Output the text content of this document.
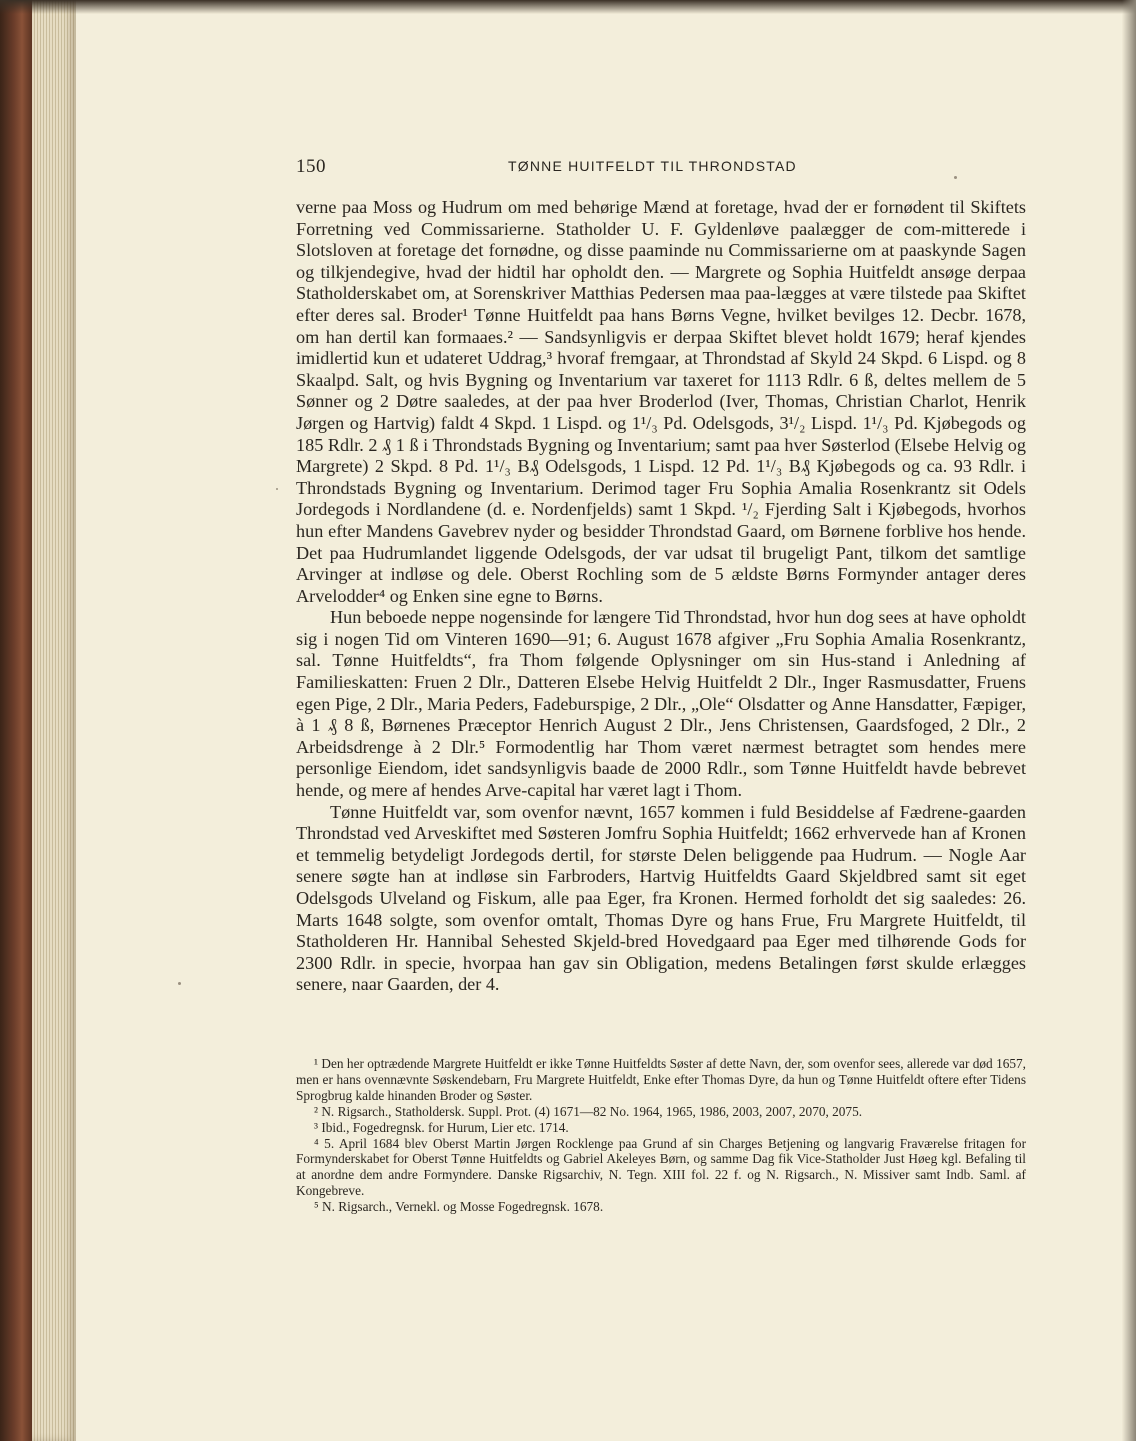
150	TØNNE HUITFELDT TIL THRONDSTAD

verne paa Moss og Hudrum om med behørige Mænd at foretage, hvad der er fornødent til Skiftets Forretning ved Commissarierne. Statholder U. F. Gyldenløve paalægger de com-mitterede i Slotsloven at foretage det fornødne, og disse paaminde nu Commissarierne om at paaskynde Sagen og tilkjendegive, hvad der hidtil har opholdt den. — Margrete og Sophia Huitfeldt ansøge derpaa Statholderskabet om, at Sorenskriver Matthias Pedersen maa paa-lægges at være tilstede paa Skiftet efter deres sal. Broder¹ Tønne Huitfeldt paa hans Børns Vegne, hvilket bevilges 12. Decbr. 1678, om han dertil kan formaaes.² — Sandsynligvis er derpaa Skiftet blevet holdt 1679; heraf kjendes imidlertid kun et udateret Uddrag,³ hvoraf fremgaar, at Throndstad af Skyld 24 Skpd. 6 Lispd. og 8 Skaalpd. Salt, og hvis Bygning og Inventarium var taxeret for 1113 Rdlr. 6 ß, deltes mellem de 5 Sønner og 2 Døtre saaledes, at der paa hver Broderlod (Iver, Thomas, Christian Charlot, Henrik Jørgen og Hartvig) faldt 4 Skpd. 1 Lispd. og 1¹/₃ Pd. Odelsgods, 3¹/₂ Lispd. 1¹/₃ Pd. Kjøbegods og 185 Rdlr. 2 ₰ 1 ß i Throndstads Bygning og Inventarium; samt paa hver Søsterlod (Elsebe Helvig og Margrete) 2 Skpd. 8 Pd. 1¹/₃ B₰ Odelsgods, 1 Lispd. 12 Pd. 1¹/₃ B₰ Kjøbegods og ca. 93 Rdlr. i Throndstads Bygning og Inventarium. Derimod tager Fru Sophia Amalia Rosenkrantz sit Odels Jordegods i Nordlandene (d. e. Nordenfjelds) samt 1 Skpd. ¹/₂ Fjerding Salt i Kjøbegods, hvorhos hun efter Mandens Gavebrev nyder og besidder Throndstad Gaard, om Børnene forblive hos hende. Det paa Hudrumlandet liggende Odelsgods, der var udsat til brugeligt Pant, tilkom det samtlige Arvinger at indløse og dele. Oberst Rochling som de 5 ældste Børns Formynder antager deres Arvelodder⁴ og Enken sine egne to Børns.

Hun beboede neppe nogensinde for længere Tid Throndstad, hvor hun dog sees at have opholdt sig i nogen Tid om Vinteren 1690—91; 6. August 1678 afgiver „Fru Sophia Amalia Rosenkrantz, sal. Tønne Huitfeldts“, fra Thom følgende Oplysninger om sin Hus-stand i Anledning af Familieskatten: Fruen 2 Dlr., Datteren Elsebe Helvig Huitfeldt 2 Dlr., Inger Rasmusdatter, Fruens egen Pige, 2 Dlr., Maria Peders, Fadeburspige, 2 Dlr., „Ole“ Olsdatter og Anne Hansdatter, Fæpiger, à 1 ₰ 8 ß, Børnenes Præceptor Henrich August 2 Dlr., Jens Christensen, Gaardsfoged, 2 Dlr., 2 Arbeidsdrenge à 2 Dlr.⁵ Formodentlig har Thom været nærmest betragtet som hendes mere personlige Eiendom, idet sandsynligvis baade de 2000 Rdlr., som Tønne Huitfeldt havde bebrevet hende, og mere af hendes Arve-capital har været lagt i Thom.

Tønne Huitfeldt var, som ovenfor nævnt, 1657 kommen i fuld Besiddelse af Fædrene-gaarden Throndstad ved Arveskiftet med Søsteren Jomfru Sophia Huitfeldt; 1662 erhvervede han af Kronen et temmelig betydeligt Jordegods dertil, for største Delen beliggende paa Hudrum. — Nogle Aar senere søgte han at indløse sin Farbroders, Hartvig Huitfeldts Gaard Skjeldbred samt sit eget Odelsgods Ulveland og Fiskum, alle paa Eger, fra Kronen. Hermed forholdt det sig saaledes: 26. Marts 1648 solgte, som ovenfor omtalt, Thomas Dyre og hans Frue, Fru Margrete Huitfeldt, til Statholderen Hr. Hannibal Sehested Skjeld-bred Hovedgaard paa Eger med tilhørende Gods for 2300 Rdlr. in specie, hvorpaa han gav sin Obligation, medens Betalingen først skulde erlægges senere, naar Gaarden, der 4.

¹ Den her optrædende Margrete Huitfeldt er ikke Tønne Huitfeldts Søster af dette Navn, der, som ovenfor sees, allerede var død 1657, men er hans ovennævnte Søskendebarn, Fru Margrete Huitfeldt, Enke efter Thomas Dyre, da hun og Tønne Huitfeldt oftere efter Tidens Sprogbrug kalde hinanden Broder og Søster.

² N. Rigsarch., Statholdersk. Suppl. Prot. (4) 1671—82 No. 1964, 1965, 1986, 2003, 2007, 2070, 2075.

³ Ibid., Fogedregnsk. for Hurum, Lier etc. 1714.

⁴ 5. April 1684 blev Oberst Martin Jørgen Rocklenge paa Grund af sin Charges Betjening og langvarig Fraværelse fritagen for Formynderskabet for Oberst Tønne Huitfeldts og Gabriel Akeleyes Børn, og samme Dag fik Vice-Statholder Just Høeg kgl. Befaling til at anordne dem andre Formyndere. Danske Rigsarchiv, N. Tegn. XIII fol. 22 f. og N. Rigsarch., N. Missiver samt Indb. Saml. af Kongebreve.

⁵ N. Rigsarch., Vernekl. og Mosse Fogedregnsk. 1678.
